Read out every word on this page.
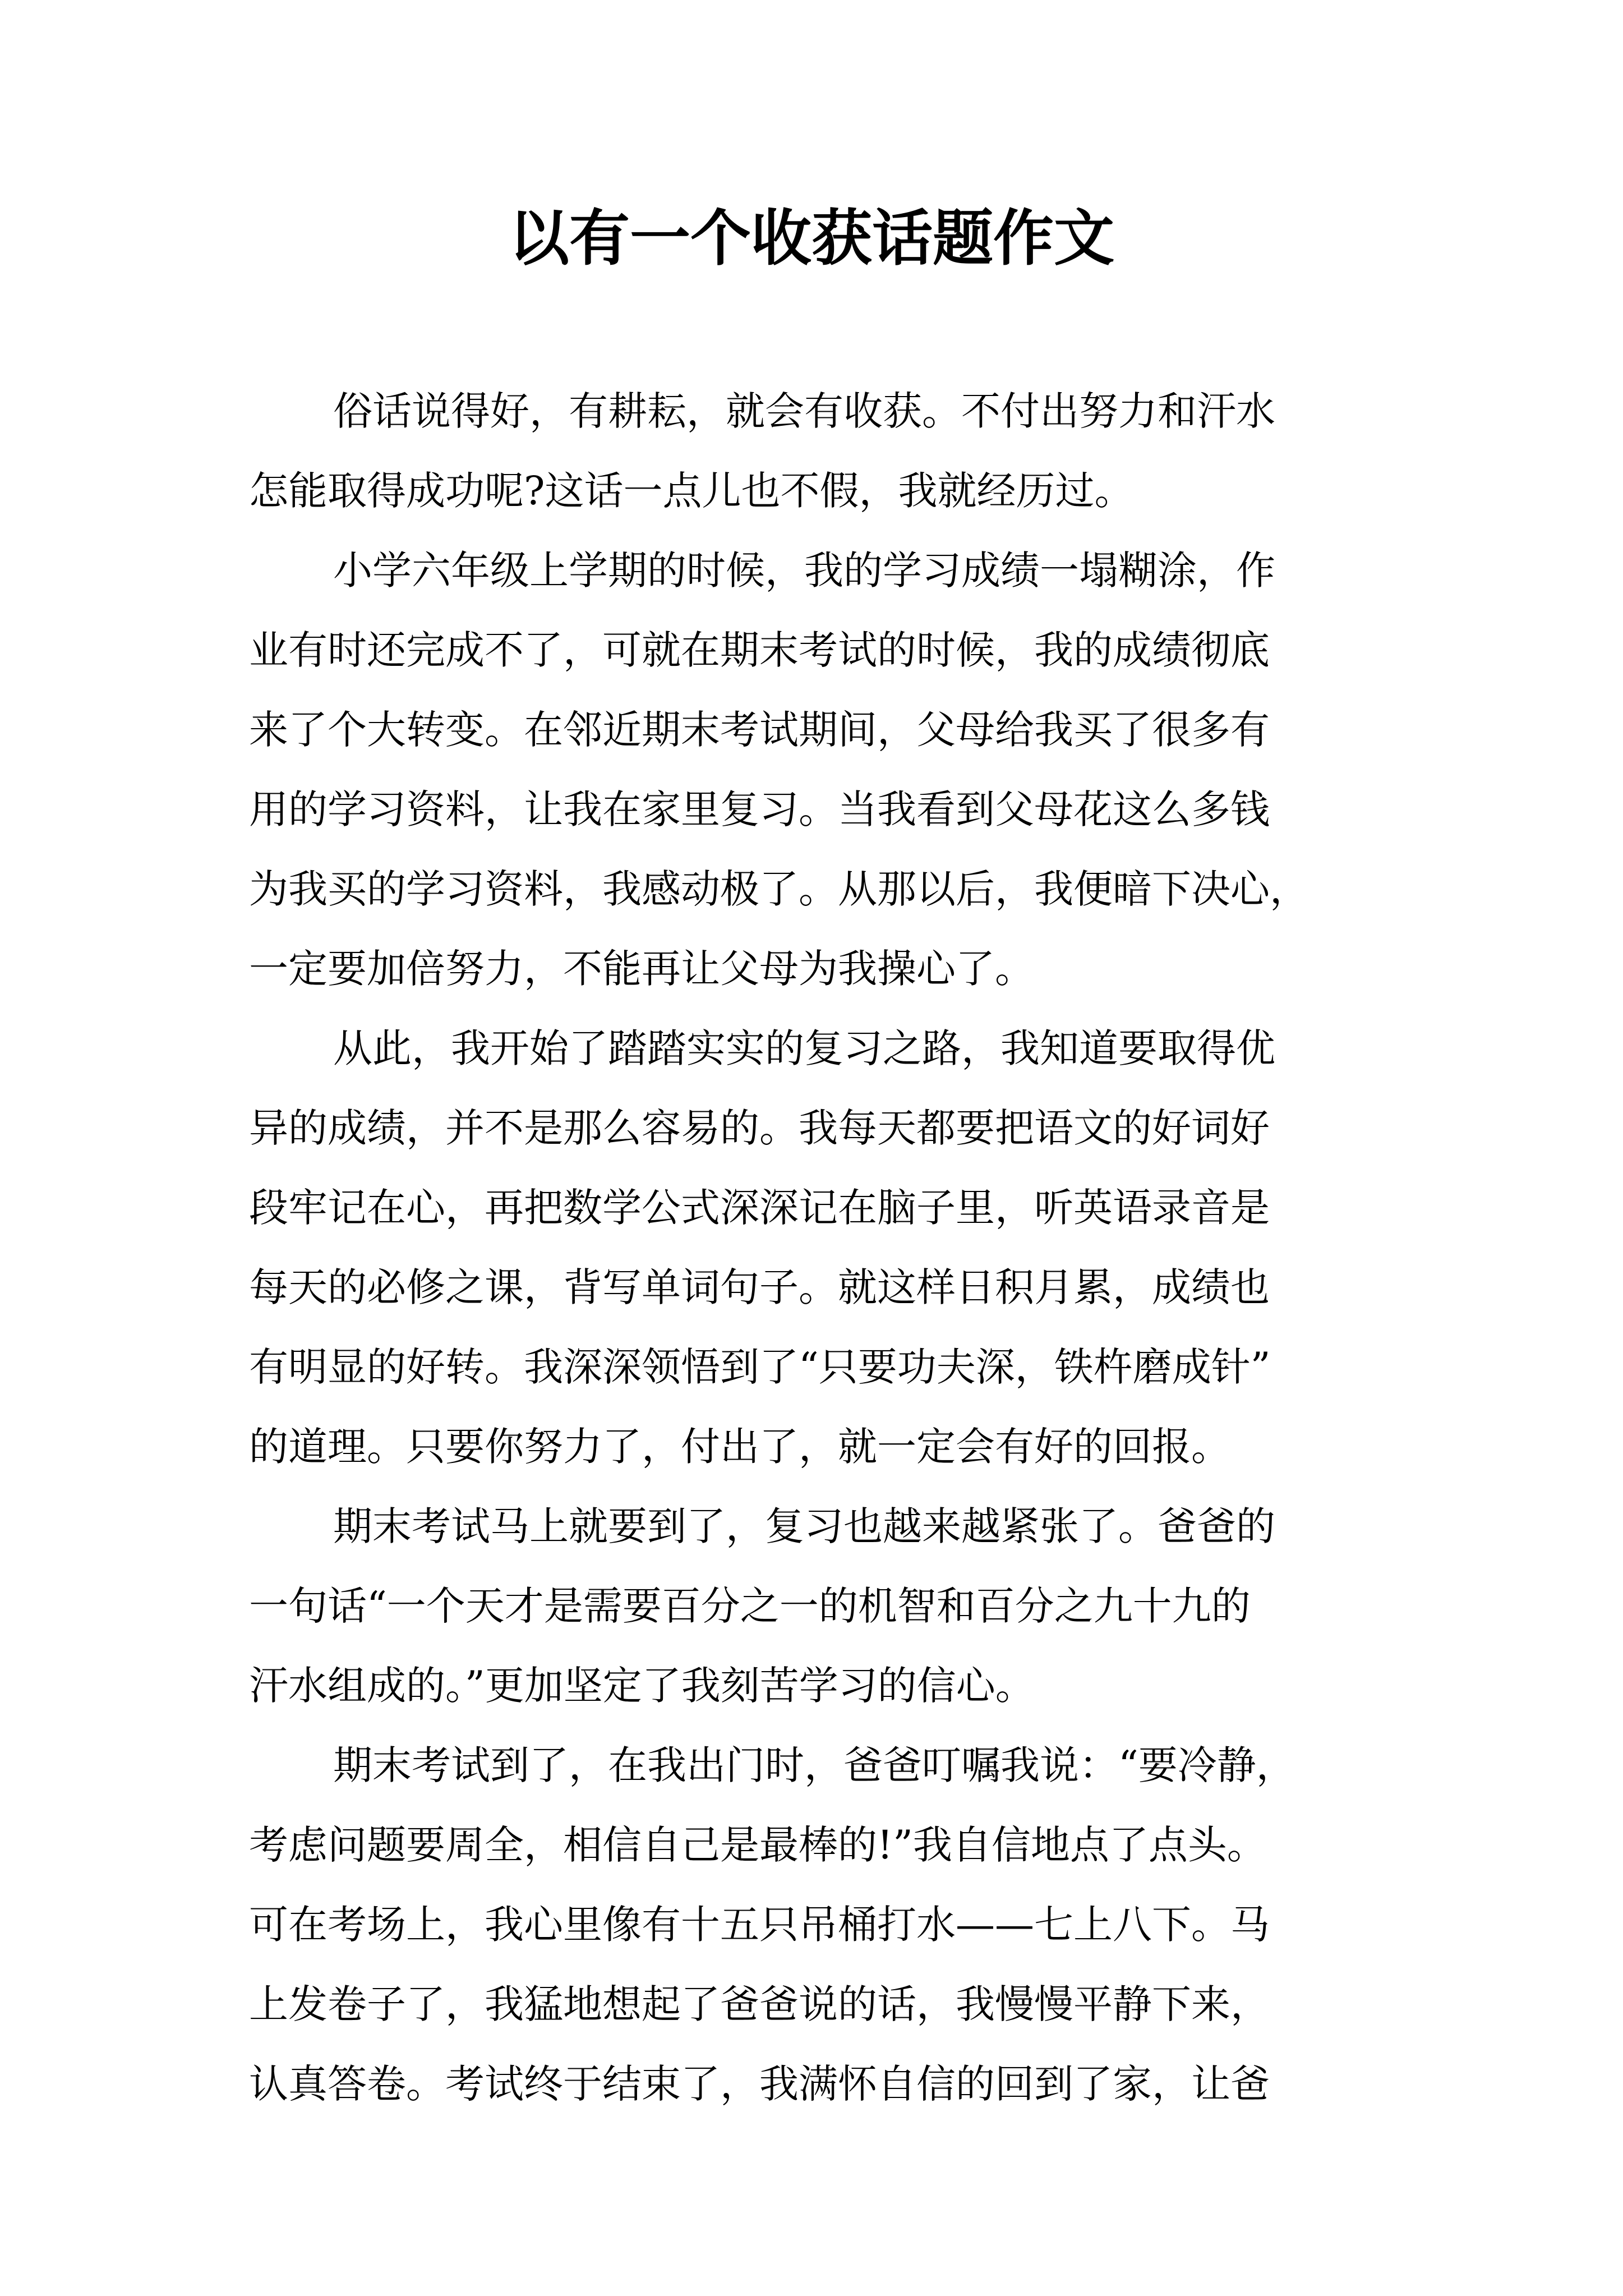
以有一个收获话题作文

俗话说得好，有耕耘，就会有收获。不付出努力和汗水
怎能取得成功呢?这话一点儿也不假，我就经历过。

小学六年级上学期的时候，我的学习成绩一塌糊涂，作
业有时还完成不了，可就在期末考试的时候，我的成绩彻底
来了个大转变。在邻近期末考试期间，父母给我买了很多有
用的学习资料，让我在家里复习。当我看到父母花这么多钱
为我买的学习资料，我感动极了。从那以后，我便暗下决心，
一定要加倍努力，不能再让父母为我操心了。

从此，我开始了踏踏实实的复习之路，我知道要取得优
异的成绩，并不是那么容易的。我每天都要把语文的好词好
段牢记在心，再把数学公式深深记在脑子里，听英语录音是
每天的必修之课，背写单词句子。就这样日积月累，成绩也
有明显的好转。我深深领悟到了“只要功夫深，铁杵磨成针”
的道理。只要你努力了，付出了，就一定会有好的回报。

期末考试马上就要到了，复习也越来越紧张了。爸爸的
一句话“一个天才是需要百分之一的机智和百分之九十九的
汗水组成的。”更加坚定了我刻苦学习的信心。

期末考试到了，在我出门时，爸爸叮嘱我说：“要冷静，
考虑问题要周全，相信自己是最棒的!”我自信地点了点头。
可在考场上，我心里像有十五只吊桶打水——七上八下。马
上发卷子了，我猛地想起了爸爸说的话，我慢慢平静下来，
认真答卷。考试终于结束了，我满怀自信的回到了家，让爸
